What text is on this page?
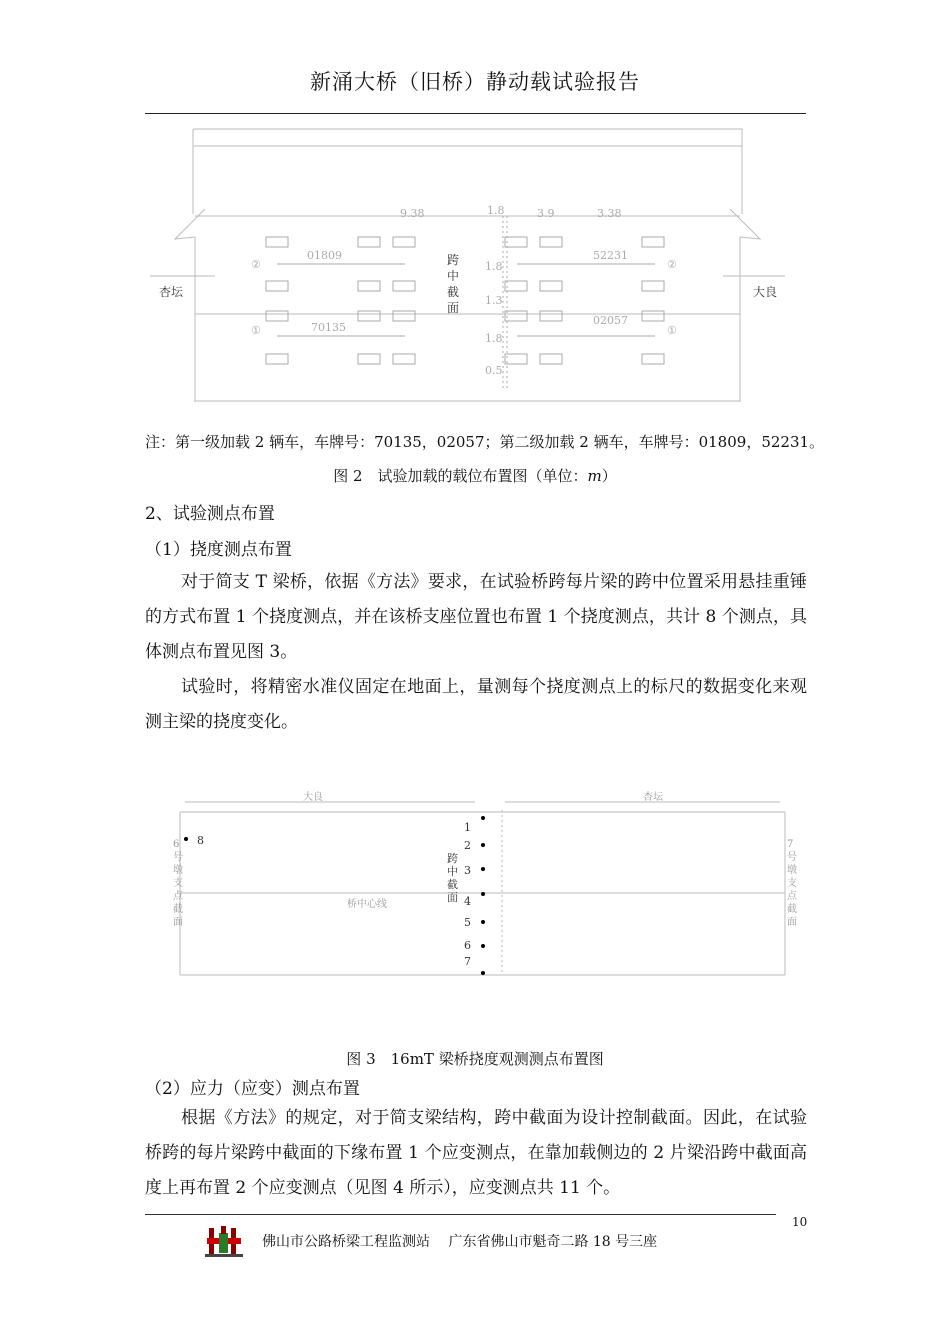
新涌大桥（旧桥）静动载试验报告
②
①
②
①
01809
70135
52231
02057
9.38	1.8	3.9	3.38
1.8
1.3
1.8
0.5
杏坛	大良
跨
中
截
面
注：第一级加载 2 辆车，车牌号：70135，02057；第二级加载 2 辆车，车牌号：01809，52231。
图 2　试验加载的载位布置图（单位：m）
2、试验测点布置
（1）挠度测点布置

对于简支 T 梁桥，依据《方法》要求，在试验桥跨每片梁的跨中位置采用悬挂重锤的方式布置 1 个挠度测点，并在该桥支座位置也布置 1 个挠度测点，共计 8 个测点，具体测点布置见图 3。

试验时，将精密水准仪固定在地面上，量测每个挠度测点上的标尺的数据变化来观测主梁的挠度变化。

大良	杏坛
桥中心线
6
号
墩
支
点
截
面
7
号
墩
支
点
截
面
跨
中
截
面
1
2
3
4
5
6
7
8
图 3　16mT 梁桥挠度观测测点布置图
（2）应力（应变）测点布置

根据《方法》的规定，对于简支梁结构，跨中截面为设计控制截面。因此，在试验桥跨的每片梁跨中截面的下缘布置 1 个应变测点，在靠加载侧边的 2 片梁沿跨中截面高度上再布置 2 个应变测点（见图 4 所示），应变测点共 11 个。

10
佛山市公路桥梁工程监测站　 广东省佛山市魁奇二路 18 号三座
